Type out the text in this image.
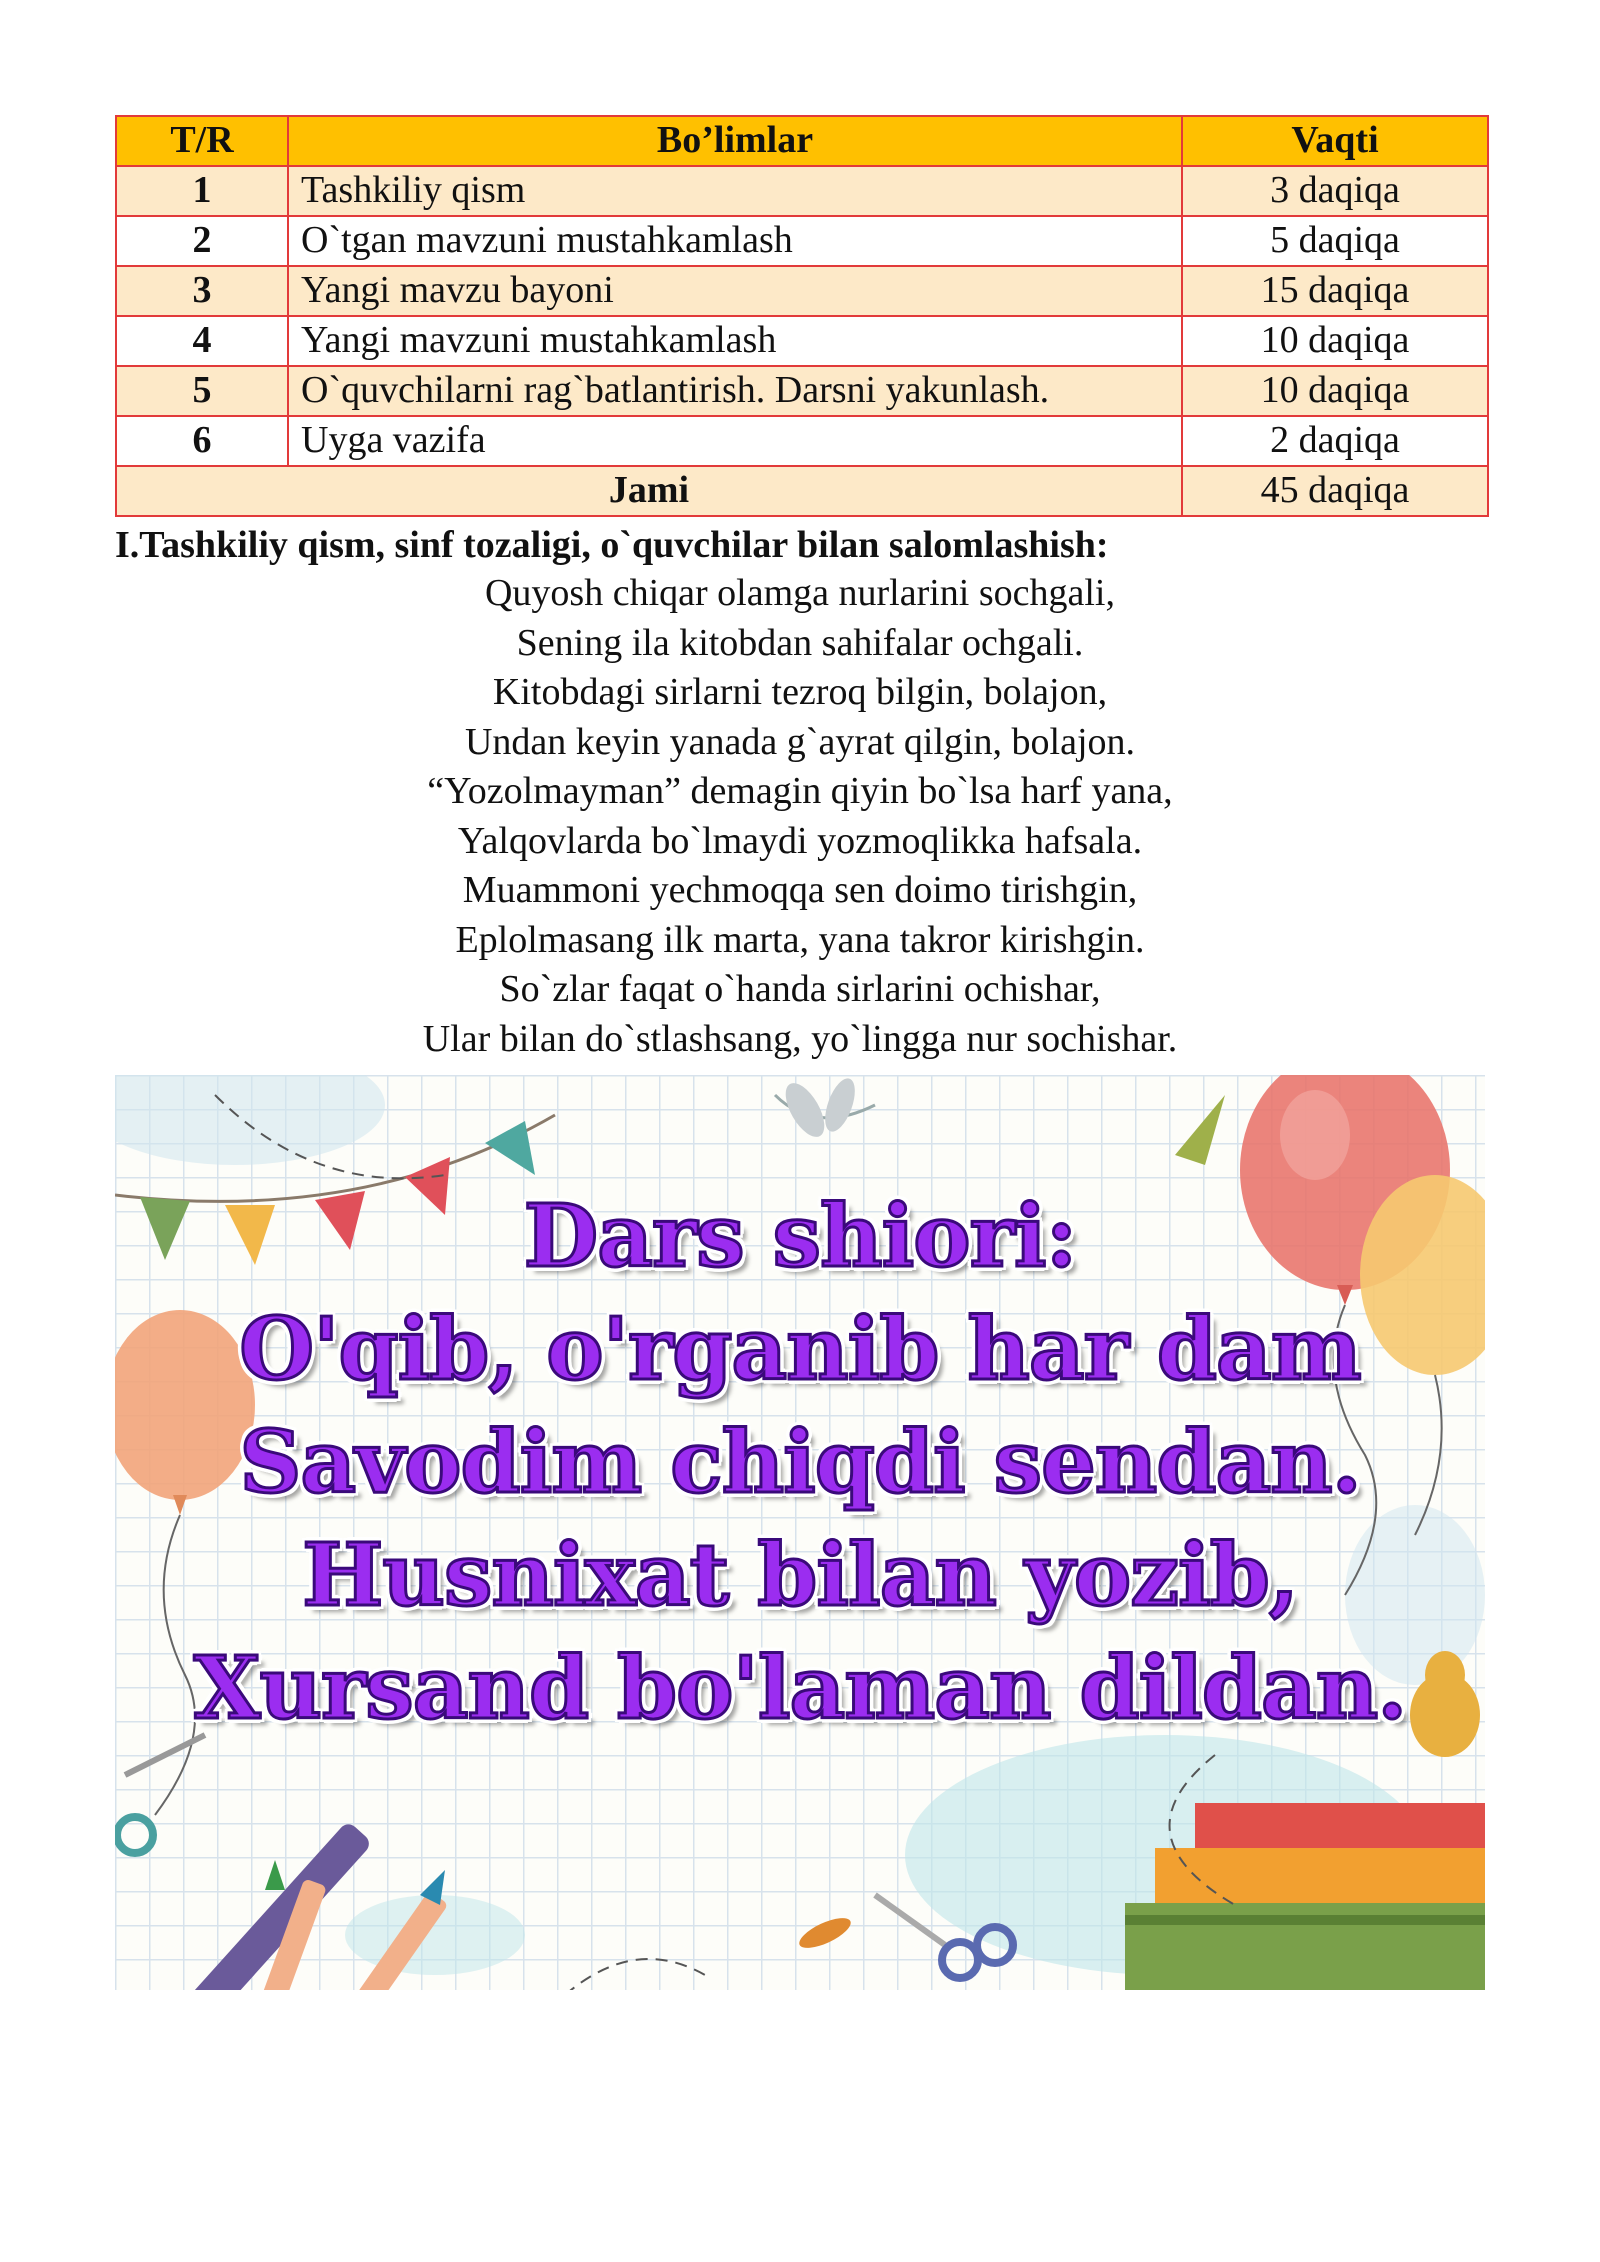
T/R	Bo’limlar	Vaqti
1	Tashkiliy qism	3 daqiqa
2	O`tgan mavzuni mustahkamlash	5 daqiqa
3	Yangi mavzu bayoni	15 daqiqa
4	Yangi mavzuni mustahkamlash	10 daqiqa
5	O`quvchilarni rag`batlantirish. Darsni yakunlash.	10 daqiqa
6	Uyga vazifa	2 daqiqa
Jami		45 daqiqa

I.Tashkiliy qism, sinf tozaligi, o`quvchilar bilan salomlashish:

Quyosh chiqar olamga nurlarini sochgali,
Sening ila kitobdan sahifalar ochgali.
Kitobdagi sirlarni tezroq bilgin, bolajon,
Undan keyin yanada g`ayrat qilgin, bolajon.
“Yozolmayman” demagin qiyin bo`lsa harf yana,
Yalqovlarda bo`lmaydi yozmoqlikka hafsala.
Muammoni yechmoqqa sen doimo tirishgin,
Eplolmasang ilk marta, yana takror kirishgin.
So`zlar faqat o`handa sirlarini ochishar,
Ular bilan do`stlashsang, yo`lingga nur sochishar.
Dars shiori:
O'qib, o'rganib har dam
Savodim chiqdi sendan.
Husnixat bilan yozib,
Xursand bo'laman dildan.
